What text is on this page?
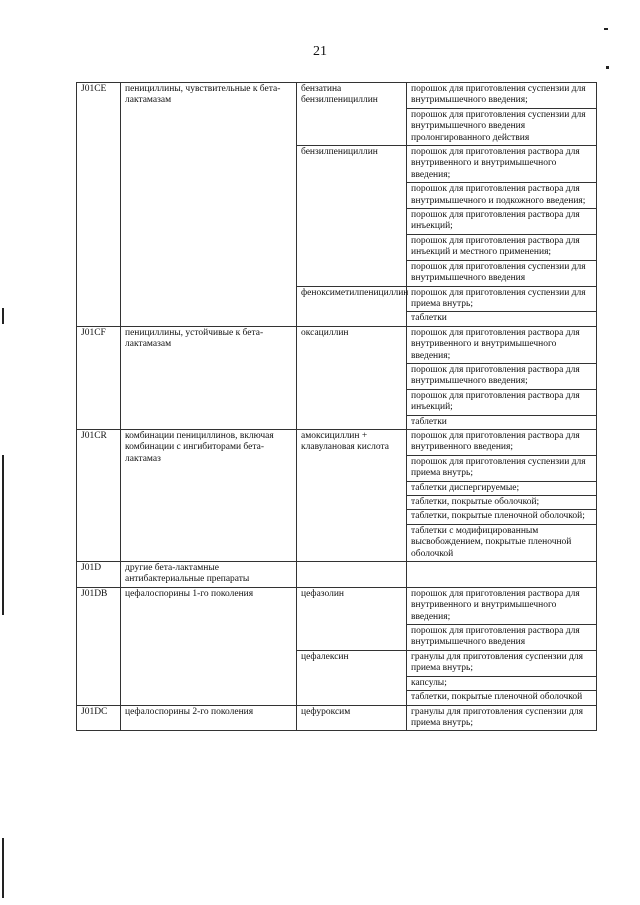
21
J01CE	пенициллины, чувствительные к бета-лактамазам	бензатина бензилпенициллин	порошок для приготовления суспензии для внутримышечного введения;
			порошок для приготовления суспензии для внутримышечного введения пролонгированного действия
		бензилпенициллин	порошок для приготовления раствора для внутривенного и внутримышечного введения;
			порошок для приготовления раствора для внутримышечного и подкожного введения;
			порошок для приготовления раствора для инъекций;
			порошок для приготовления раствора для инъекций и местного применения;
			порошок для приготовления суспензии для внутримышечного введения
		феноксиметилпенициллин	порошок для приготовления суспензии для приема внутрь;
			таблетки
J01CF	пенициллины, устойчивые к бета-лактамазам	оксациллин	порошок для приготовления раствора для внутривенного и внутримышечного введения;
			порошок для приготовления раствора для внутримышечного введения;
			порошок для приготовления раствора для инъекций;
			таблетки
J01CR	комбинации пенициллинов, включая комбинации с ингибиторами бета-лактамаз	амоксициллин + клавулановая кислота	порошок для приготовления раствора для внутривенного введения;
			порошок для приготовления суспензии для приема внутрь;
			таблетки диспергируемые;
			таблетки, покрытые оболочкой;
			таблетки, покрытые пленочной оболочкой;
			таблетки с модифицированным высвобождением, покрытые пленочной оболочкой
J01D	другие бета-лактамные антибактериальные препараты		
J01DB	цефалоспорины 1-го поколения	цефазолин	порошок для приготовления раствора для внутривенного и внутримышечного введения;
			порошок для приготовления раствора для внутримышечного введения
		цефалексин	гранулы для приготовления суспензии для приема внутрь;
			капсулы;
			таблетки, покрытые пленочной оболочкой
J01DC	цефалоспорины 2-го поколения	цефуроксим	гранулы для приготовления суспензии для приема внутрь;
